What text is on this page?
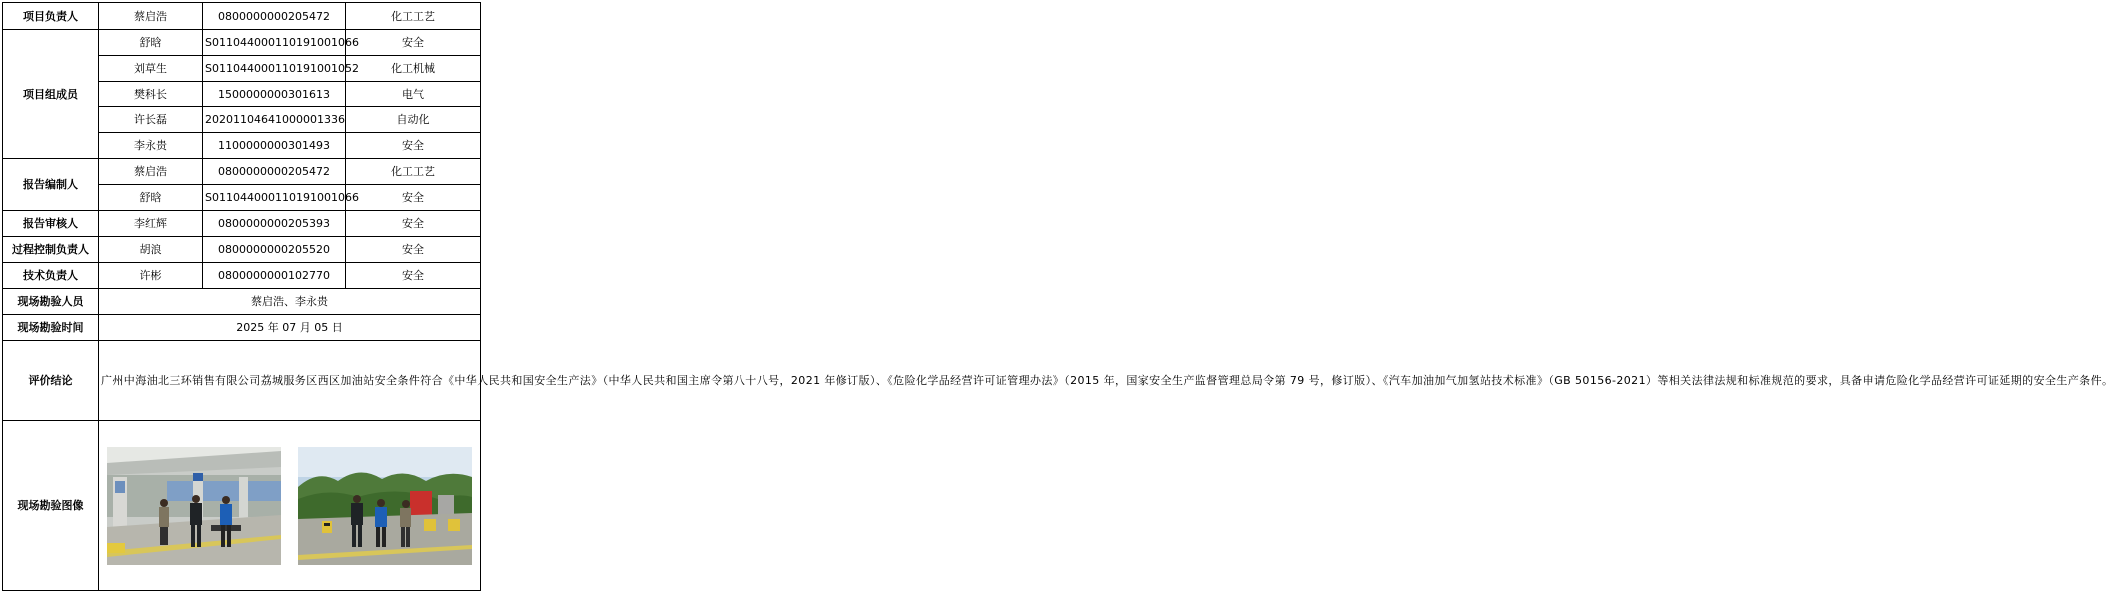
项目负责人	蔡启浩	0800000000205472	化工工艺
项目组成员	舒晗	S011044000110191001066	安全
	刘草生	S011044000110191001052	化工机械
	樊科长	1500000000301613	电气
	许长磊	20201104641000001336	自动化
	李永贵	1100000000301493	安全
报告编制人	蔡启浩	0800000000205472	化工工艺
	舒晗	S011044000110191001066	安全
报告审核人	李红辉	0800000000205393	安全
过程控制负责人	胡浪	0800000000205520	安全
技术负责人	许彬	0800000000102770	安全
现场勘验人员	蔡启浩、李永贵		
现场勘验时间	2025 年 07 月 05 日		
评价结论	广州中海油北三环销售有限公司荔城服务区西区加油站安全条件符合《中华人民共和国安全生产法》（中华人民共和国主席令第八十八号，2021 年修订版）、《危险化学品经营许可证管理办法》（2015 年，国家安全生产监督管理总局令第 79 号，修订版）、《汽车加油加气加氢站技术标准》（GB 50156-2021）等相关法律法规和标准规范的要求，具备申请危险化学品经营许可证延期的安全生产条件。		
现场勘验图像	
